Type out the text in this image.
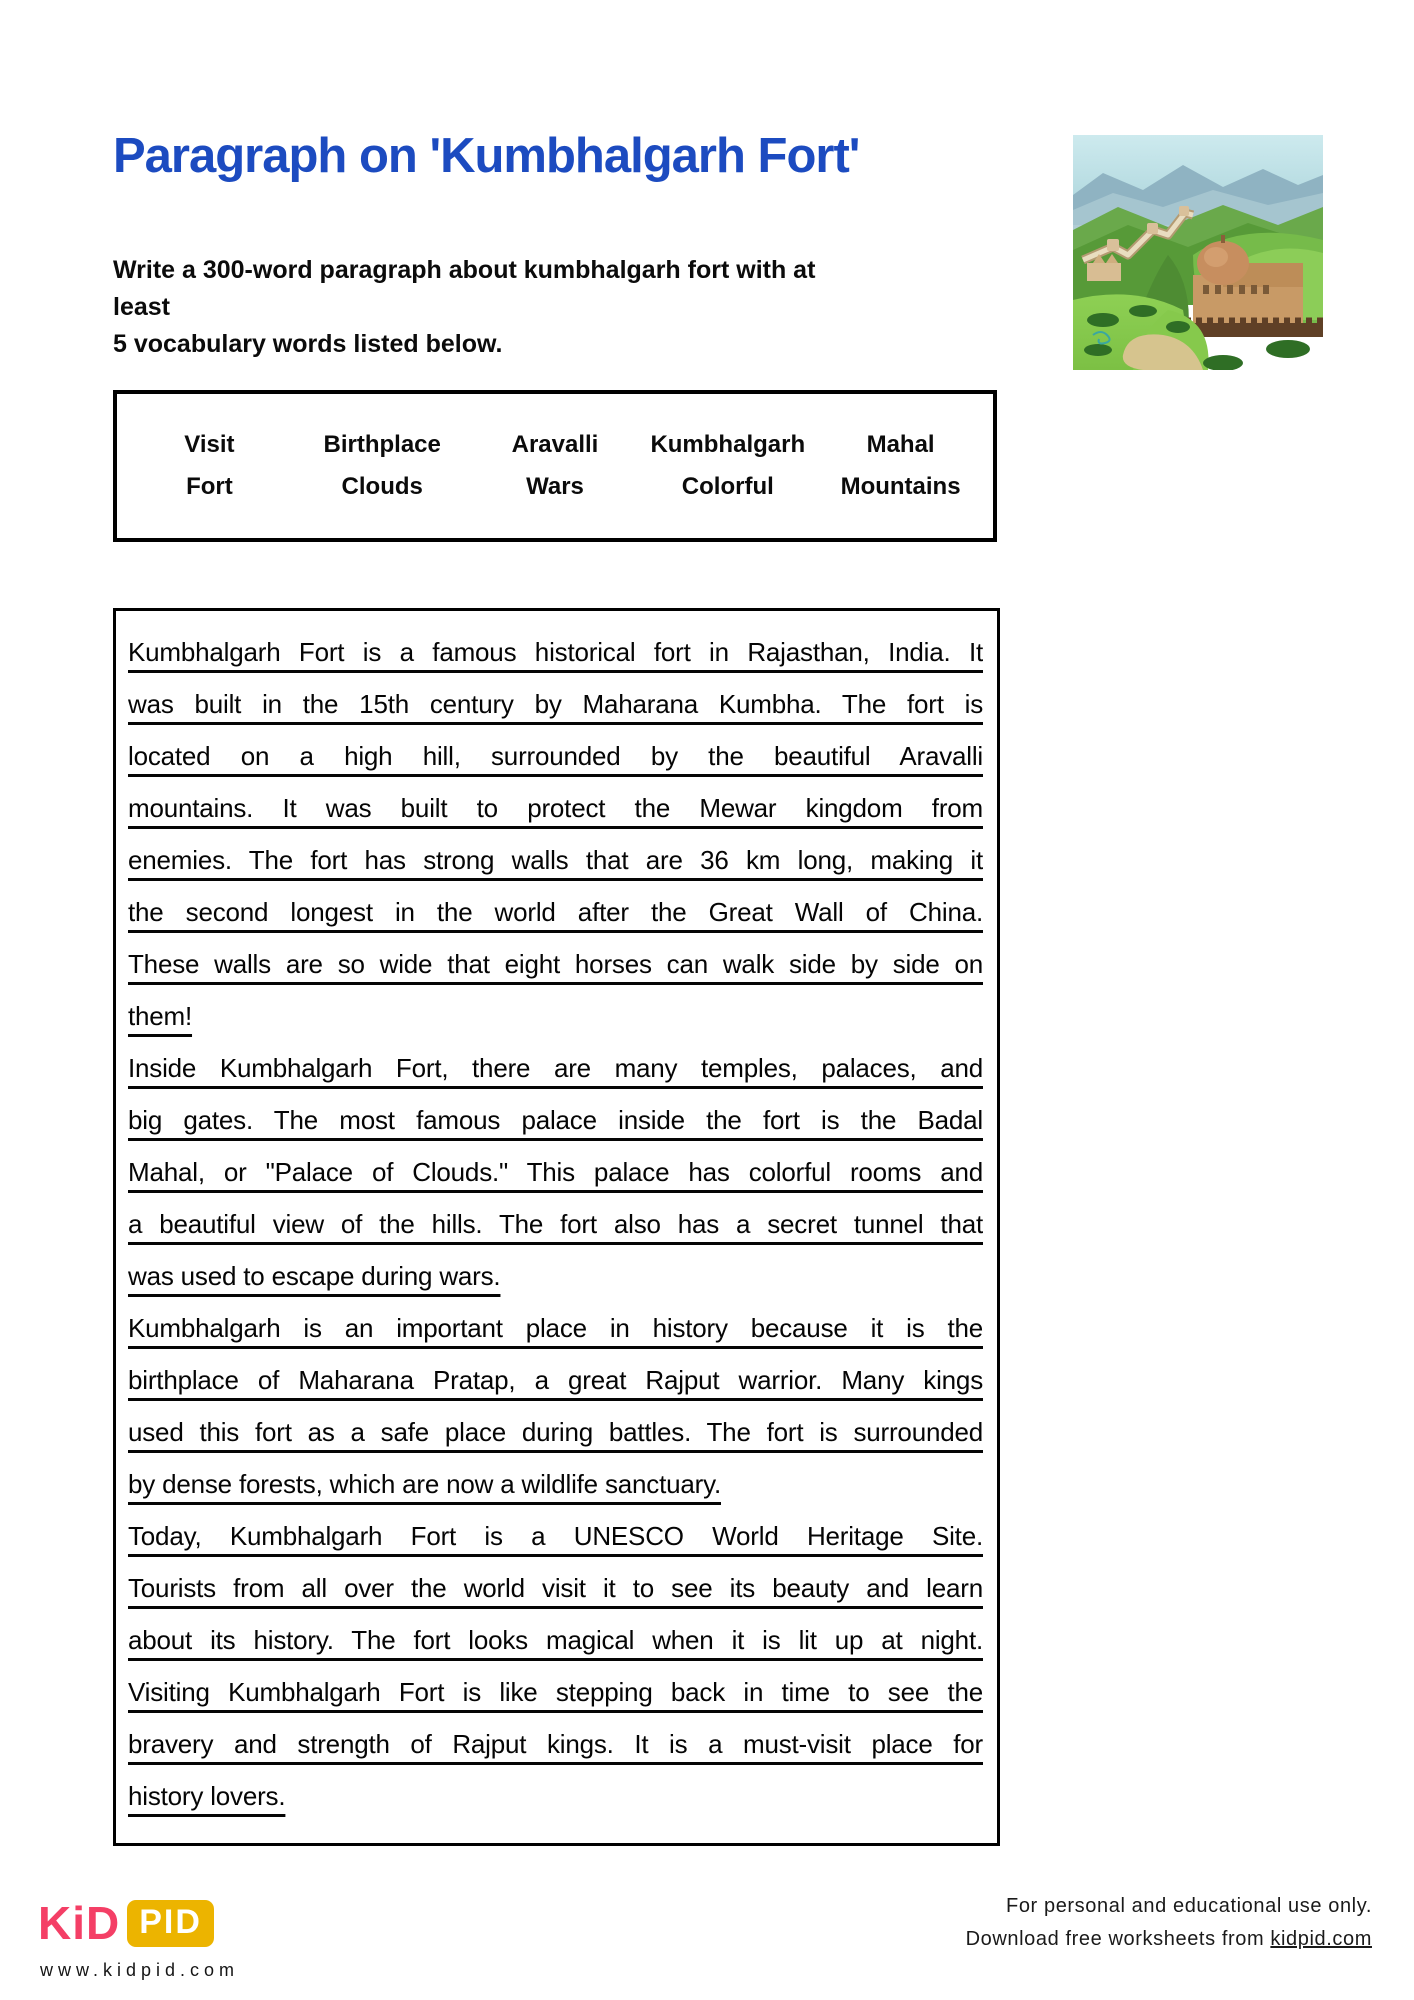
Paragraph on 'Kumbhalgarh Fort'

Write a 300-word paragraph about kumbhalgarh fort with at least
5 vocabulary words listed below.

Visit	Birthplace	Aravalli	Kumbhalgarh	Mahal
Fort	Clouds	Wars	Colorful	Mountains
Kumbhalgarh Fort is a famous historical fort in Rajasthan, India. It
was built in the 15th century by Maharana Kumbha. The fort is
located on a high hill, surrounded by the beautiful Aravalli
mountains. It was built to protect the Mewar kingdom from
enemies. The fort has strong walls that are 36 km long, making it
the second longest in the world after the Great Wall of China.
These walls are so wide that eight horses can walk side by side on
them!
Inside Kumbhalgarh Fort, there are many temples, palaces, and
big gates. The most famous palace inside the fort is the Badal
Mahal, or "Palace of Clouds." This palace has colorful rooms and
a beautiful view of the hills. The fort also has a secret tunnel that
was used to escape during wars.
Kumbhalgarh is an important place in history because it is the
birthplace of Maharana Pratap, a great Rajput warrior. Many kings
used this fort as a safe place during battles. The fort is surrounded
by dense forests, which are now a wildlife sanctuary.
Today, Kumbhalgarh Fort is a UNESCO World Heritage Site.
Tourists from all over the world visit it to see its beauty and learn
about its history. The fort looks magical when it is lit up at night.
Visiting Kumbhalgarh Fort is like stepping back in time to see the
bravery and strength of Rajput kings. It is a must-visit place for
history lovers.
KiD PID
www.kidpid.com
For personal and educational use only.
Download free worksheets from kidpid.com
